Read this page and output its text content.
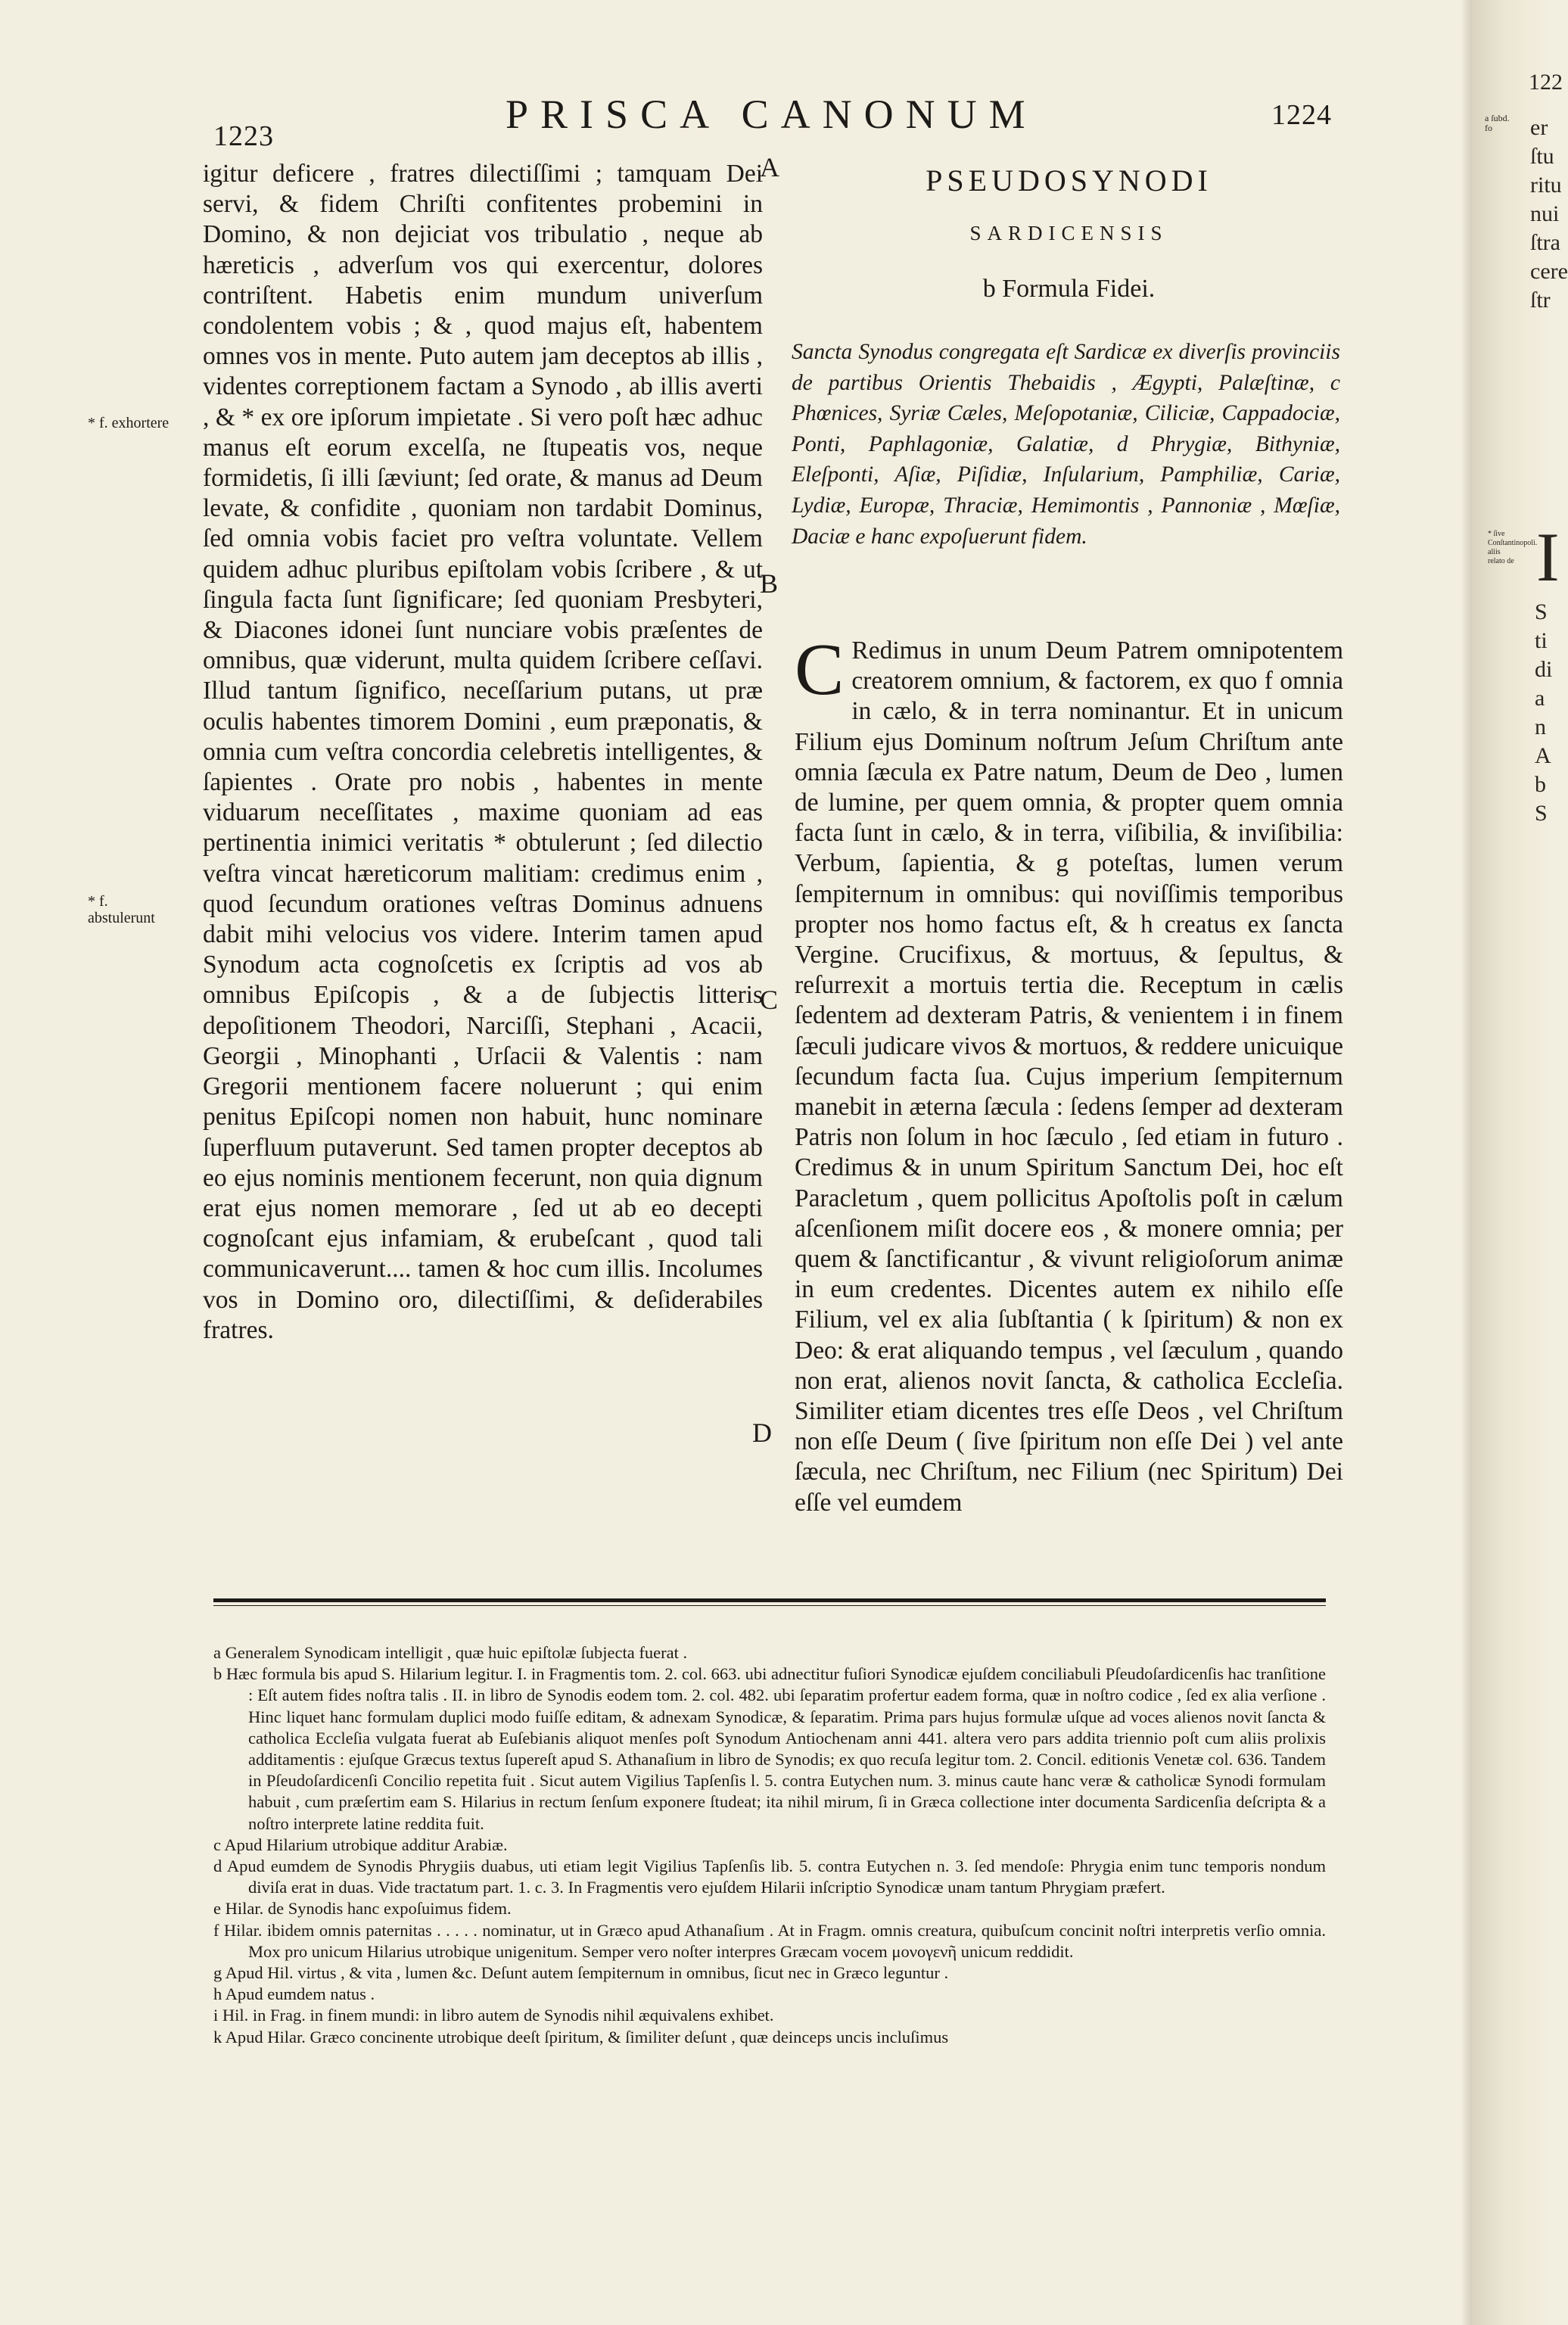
1223	PRISCA CANONUM	1224
A
B
C
D
* f. exhortere
* f. abstulerunt

igitur deficere , fratres dilectiſſimi ; tamquam Dei servi, & fidem Chriſti confitentes probemini in Domino, & non dejiciat vos tribulatio , neque ab hæreticis , adverſum vos qui exercentur, dolores contriſtent. Habetis enim mundum univerſum condolentem vobis ; & , quod majus eſt, habentem omnes vos in mente. Puto autem jam deceptos ab illis , videntes correptionem factam a Synodo , ab illis averti , & * ex ore ipſorum impietate . Si vero poſt hæc adhuc manus eſt eorum excelſa, ne ſtupeatis vos, neque formidetis, ſi illi ſæviunt; ſed orate, & manus ad Deum levate, & confidite , quoniam non tardabit Dominus, ſed omnia vobis faciet pro veſtra voluntate. Vellem quidem adhuc pluribus epiſtolam vobis ſcribere , & ut ſingula facta ſunt ſignificare; ſed quoniam Presbyteri, & Diacones idonei ſunt nunciare vobis præſentes de omnibus, quæ viderunt, multa quidem ſcribere ceſſavi. Illud tantum ſignifico, neceſſarium putans, ut præ oculis habentes timorem Domini , eum præponatis, & omnia cum veſtra concordia celebretis intelligentes, & ſapientes . Orate pro nobis , habentes in mente viduarum neceſſitates , maxime quoniam ad eas pertinentia inimici veritatis * obtulerunt ; ſed dilectio veſtra vincat hæreticorum malitiam: credimus enim , quod ſecundum orationes veſtras Dominus adnuens dabit mihi velocius vos videre. Interim tamen apud Synodum acta cognoſcetis ex ſcriptis ad vos ab omnibus Epiſcopis , & a de ſubjectis litteris depoſitionem Theodori, Narciſſi, Stephani , Acacii, Georgii , Minophanti , Urſacii & Valentis : nam Gregorii mentionem facere noluerunt ; qui enim penitus Epiſcopi nomen non habuit, hunc nominare ſuperfluum putaverunt. Sed tamen propter deceptos ab eo ejus nominis mentionem fecerunt, non quia dignum erat ejus nomen memorare , ſed ut ab eo decepti cognoſcant ejus infamiam, & erubeſcant , quod tali communicaverunt.... tamen & hoc cum illis. Incolumes vos in Domino oro, dilectiſſimi, & deſiderabiles fratres.

PSEUDOSYNODI
SARDICENSIS
b Formula Fidei.
Sancta Synodus congregata eſt Sardicæ ex diverſis provinciis de partibus Orientis Thebaidis , Ægypti, Palæſtinæ, c Phœnices, Syriæ Cæles, Meſopotaniæ, Ciliciæ, Cappadociæ, Ponti, Paphlagoniæ, Galatiæ, d Phrygiæ, Bithyniæ, Eleſponti, Aſiæ, Piſidiæ, Inſularium, Pamphiliæ, Cariæ, Lydiæ, Europæ, Thraciæ, Hemimontis , Pannoniæ , Mœſiæ, Daciæ e hanc expoſuerunt fidem.
C Redimus in unum Deum Patrem omnipotentem creatorem omnium, & factorem, ex quo f omnia in cælo, & in terra nominantur. Et in unicum Filium ejus Dominum noſtrum Jeſum Chriſtum ante omnia ſæcula ex Patre natum, Deum de Deo , lumen de lumine, per quem omnia, & propter quem omnia facta ſunt in cælo, & in terra, viſibilia, & inviſibilia: Verbum, ſapientia, & g poteſtas, lumen verum ſempiternum in omnibus: qui noviſſimis temporibus propter nos homo factus eſt, & h creatus ex ſancta Vergine. Crucifixus, & mortuus, & ſepultus, & reſurrexit a mortuis tertia die. Receptum in cælis ſedentem ad dexteram Patris, & venientem i in finem ſæculi judicare vivos & mortuos, & reddere unicuique ſecundum facta ſua. Cujus imperium ſempiternum manebit in æterna ſæcula : ſedens ſemper ad dexteram Patris non ſolum in hoc ſæculo , ſed etiam in futuro . Credimus & in unum Spiritum Sanctum Dei, hoc eſt Paracletum , quem pollicitus Apoſtolis poſt in cælum aſcenſionem miſit docere eos , & monere omnia; per quem & ſanctificantur , & vivunt religioſorum animæ in eum credentes. Dicentes autem ex nihilo eſſe Filium, vel ex alia ſubſtantia ( k ſpiritum) & non ex Deo: & erat aliquando tempus , vel ſæculum , quando non erat, alienos novit ſancta, & catholica Eccleſia. Similiter etiam dicentes tres eſſe Deos , vel Chriſtum non eſſe Deum ( ſive ſpiritum non eſſe Dei ) vel ante ſæcula, nec Chriſtum, nec Filium (nec Spiritum) Dei eſſe vel eumdem

a Generalem Synodicam intelligit , quæ huic epiſtolæ ſubjecta fuerat .

b Hæc formula bis apud S. Hilarium legitur. I. in Fragmentis tom. 2. col. 663. ubi adnectitur fuſiori Synodicæ ejuſdem conciliabuli Pſeudoſardicenſis hac tranſitione : Eſt autem fides noſtra talis . II. in libro de Synodis eodem tom. 2. col. 482. ubi ſeparatim profertur eadem forma, quæ in noſtro codice , ſed ex alia verſione . Hinc liquet hanc formulam duplici modo fuiſſe editam, & adnexam Synodicæ, & ſeparatim. Prima pars hujus formulæ uſque ad voces alienos novit ſancta & catholica Eccleſia vulgata fuerat ab Euſebianis aliquot menſes poſt Synodum Antiochenam anni 441. altera vero pars addita triennio poſt cum aliis prolixis additamentis : ejuſque Græcus textus ſupereſt apud S. Athanaſium in libro de Synodis; ex quo recuſa legitur tom. 2. Concil. editionis Venetæ col. 636. Tandem in Pſeudoſardicenſi Concilio repetita fuit . Sicut autem Vigilius Tapſenſis l. 5. contra Eutychen num. 3. minus caute hanc veræ & catholicæ Synodi formulam habuit , cum præſertim eam S. Hilarius in rectum ſenſum exponere ſtudeat; ita nihil mirum, ſi in Græca collectione inter documenta Sardicenſia deſcripta & a noſtro interprete latine reddita fuit.

c Apud Hilarium utrobique additur Arabiæ.

d Apud eumdem de Synodis Phrygiis duabus, uti etiam legit Vigilius Tapſenſis lib. 5. contra Eutychen n. 3. ſed mendoſe: Phrygia enim tunc temporis nondum diviſa erat in duas. Vide tractatum part. 1. c. 3. In Fragmentis vero ejuſdem Hilarii inſcriptio Synodicæ unam tantum Phrygiam præfert.

e Hilar. de Synodis hanc expoſuimus fidem.

f Hilar. ibidem omnis paternitas . . . . . nominatur, ut in Græco apud Athanaſium . At in Fragm. omnis creatura, quibuſcum concinit noſtri interpretis verſio omnia. Mox pro unicum Hilarius utrobique unigenitum. Semper vero noſter interpres Græcam vocem μονογενῆ unicum reddidit.

g Apud Hil. virtus , & vita , lumen &c. Deſunt autem ſempiternum in omnibus, ſicut nec in Græco leguntur .

h Apud eumdem natus .

i Hil. in Frag. in finem mundi: in libro autem de Synodis nihil æquivalens exhibet.

k Apud Hilar. Græco concinente utrobique deeſt ſpiritum, & ſimiliter deſunt , quæ deinceps uncis incluſimus

122
a ſubd. fo
* ſive Conſtantinopoli. aliis relato de
er
ſtu
ritu
nui
ſtra
cere
ſtr
I
S
ti
di
a
n
A
b
S
